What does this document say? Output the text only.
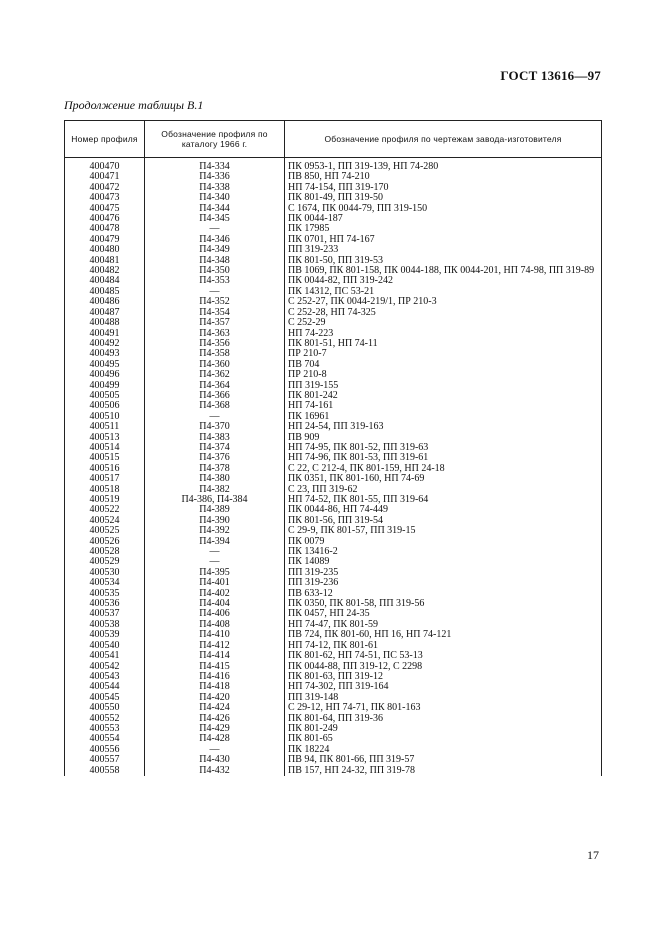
ГОСТ 13616—97
Продолжение таблицы В.1
Номер профиля	Обозначение профиля по каталогу 1966 г.	Обозначение профиля по чертежам завода-изготовителя
400470	П4-334	ПК 0953-1, ПП 319-139, НП 74-280
400471	П4-336	ПВ 850, НП 74-210
400472	П4-338	НП 74-154, ПП 319-170
400473	П4-340	ПК 801-49, ПП 319-50
400475	П4-344	С 1674, ПК 0044-79, ПП 319-150
400476	П4-345	ПК 0044-187
400478	—	ПК 17985
400479	П4-346	ПК 0701, НП 74-167
400480	П4-349	ПП 319-233
400481	П4-348	ПК 801-50, ПП 319-53
400482	П4-350	ПВ 1069, ПК 801-158, ПК 0044-188, ПК 0044-201, НП 74-98, ПП 319-89
400484	П4-353	ПК 0044-82, ПП 319-242
400485	—	ПК 14312, ПС 53-21
400486	П4-352	С 252-27, ПК 0044-219/1, ПР 210-3
400487	П4-354	С 252-28, НП 74-325
400488	П4-357	С 252-29
400491	П4-363	НП 74-223
400492	П4-356	ПК 801-51, НП 74-11
400493	П4-358	ПР 210-7
400495	П4-360	ПВ 704
400496	П4-362	ПР 210-8
400499	П4-364	ПП 319-155
400505	П4-366	ПК 801-242
400506	П4-368	НП 74-161
400510	—	ПК 16961
400511	П4-370	НП 24-54, ПП 319-163
400513	П4-383	ПВ 909
400514	П4-374	НП 74-95, ПК 801-52, ПП 319-63
400515	П4-376	НП 74-96, ПК 801-53, ПП 319-61
400516	П4-378	С 22, С 212-4, ПК 801-159, НП 24-18
400517	П4-380	ПК 0351, ПК 801-160, НП 74-69
400518	П4-382	С 23, ПП 319-62
400519	П4-386, П4-384	НП 74-52, ПК 801-55, ПП 319-64
400522	П4-389	ПК 0044-86, НП 74-449
400524	П4-390	ПК 801-56, ПП 319-54
400525	П4-392	С 29-9, ПК 801-57, ПП 319-15
400526	П4-394	ПК 0079
400528	—	ПК 13416-2
400529	—	ПК 14089
400530	П4-395	ПП 319-235
400534	П4-401	ПП 319-236
400535	П4-402	ПВ 633-12
400536	П4-404	ПК 0350, ПК 801-58, ПП 319-56
400537	П4-406	ПК 0457, НП 24-35
400538	П4-408	НП 74-47, ПК 801-59
400539	П4-410	ПВ 724, ПК 801-60, НП 16, НП 74-121
400540	П4-412	НП 74-12, ПК 801-61
400541	П4-414	ПК 801-62, НП 74-51, ПС 53-13
400542	П4-415	ПК 0044-88, ПП 319-12, С 2298
400543	П4-416	ПК 801-63, ПП 319-12
400544	П4-418	НП 74-302, ПП 319-164
400545	П4-420	ПП 319-148
400550	П4-424	С 29-12, НП 74-71, ПК 801-163
400552	П4-426	ПК 801-64, ПП 319-36
400553	П4-429	ПК 801-249
400554	П4-428	ПК 801-65
400556	—	ПК 18224
400557	П4-430	ПВ 94, ПК 801-66, ПП 319-57
400558	П4-432	ПВ 157, НП 24-32, ПП 319-78
17
